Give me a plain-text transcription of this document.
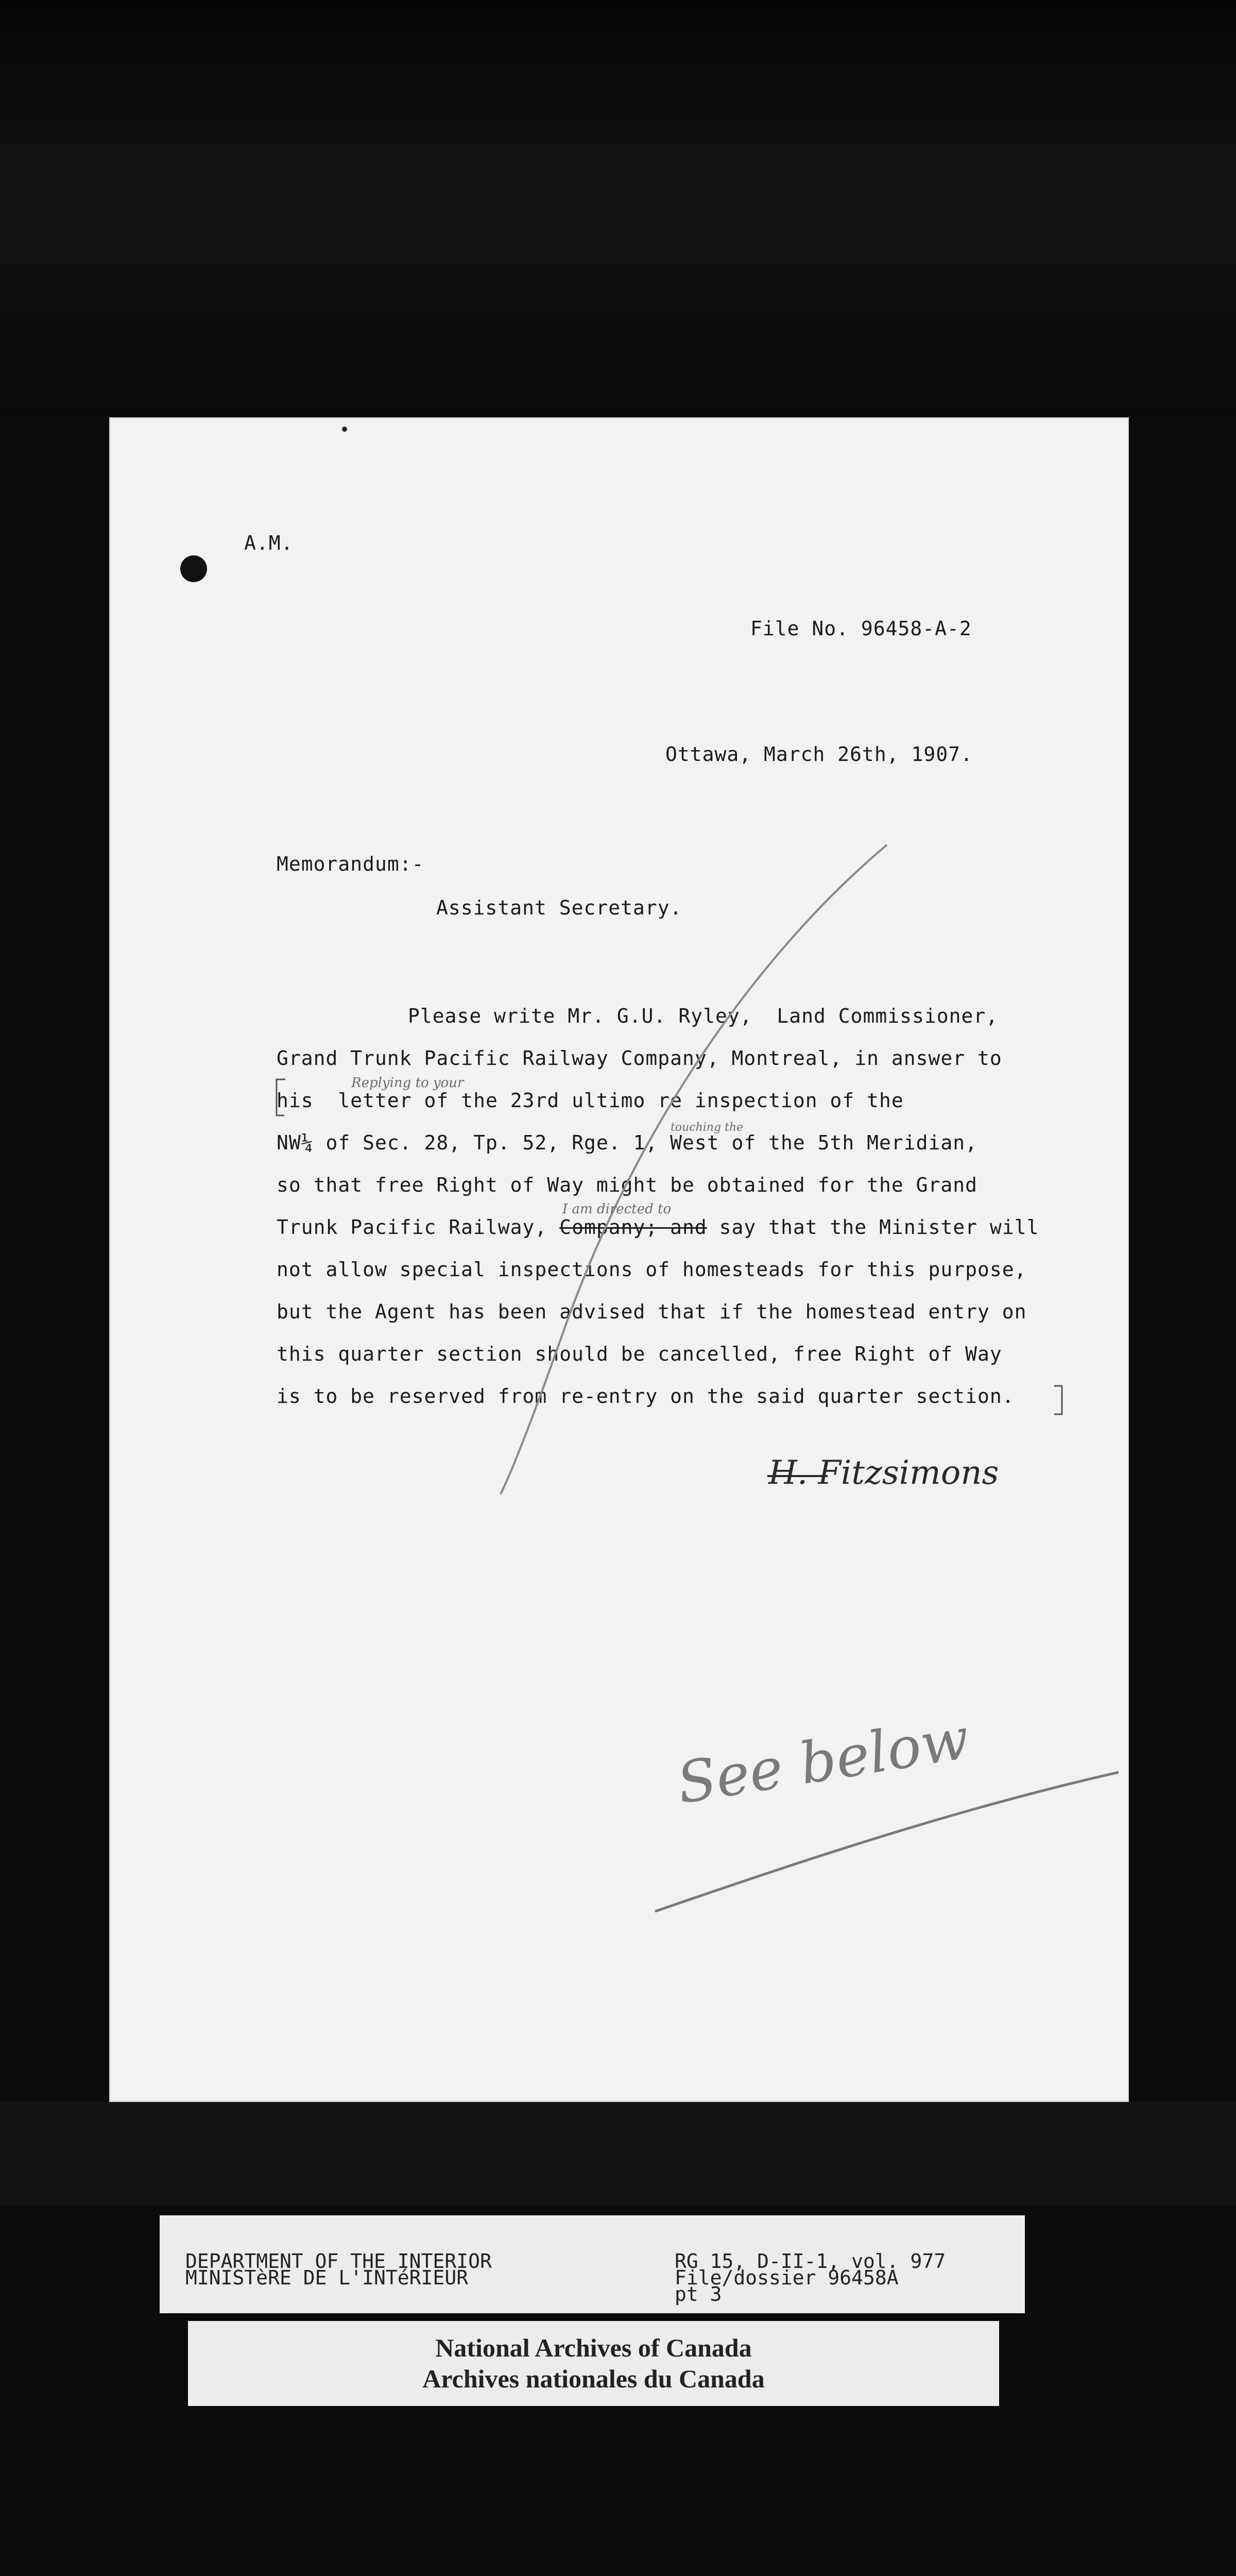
A.M.
File No. 96458-A-2
Ottawa, March 26th, 1907.
Memorandum:-
Assistant Secretary.
Please write Mr. G.U. Ryley,  Land Commissioner,
Grand Trunk Pacific Railway Company, Montreal, in answer to
his letter of the 23rd ultimo re inspection of the
NW¼ of Sec. 28, Tp. 52, Rge. 1, West of the 5th Meridian,
so that free Right of Way might be obtained for the Grand
Trunk Pacific Railway, Company; and say that the Minister will
not allow special inspections of homesteads for this purpose,
but the Agent has been advised that if the homestead entry on
this quarter section should be cancelled, free Right of Way
is to be reserved from re-entry on the said quarter section.
Replying to your
touching the
I am directed to
H. Fitzsimons
See below
DEPARTMENT OF THE INTERIOR
MINISTèRE DE L'INTéRIEUR
RG 15, D-II-1, vol. 977
File/dossier 96458A
pt 3
National Archives of Canada
Archives nationales du Canada
